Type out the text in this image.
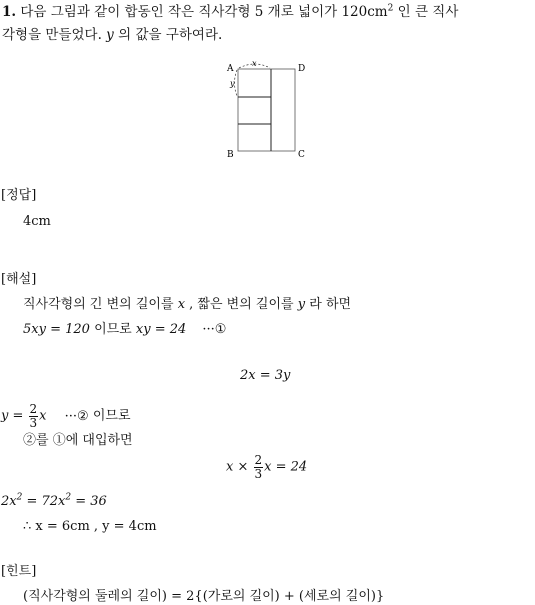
1. 다음 그림과 같이 합동인 작은 직사각형 5 개로 넓이가 $120cm^2$ 인 큰 직사
각형을 만들었다. y 의 값을 구하여라.
A	D
B	C
x
y
[정답]
4cm
[해설]
직사각형의 긴 변의 길이를 x , 짧은 변의 길이를 y 라 하면
5xy = 120 이므로 xy = 24 ···①
2x = 3y
$y = \frac{2}{3}$ x ···② 이므로
②를 ①에 대입하면
$x \times \frac{2}{3}$ x = 24
$2x^2 = 72x^2 = 36$
∴ x = 6cm , y = 4cm
[힌트]
(직사각형의 둘레의 길이) = 2{(가로의 길이) + (세로의 길이)}
